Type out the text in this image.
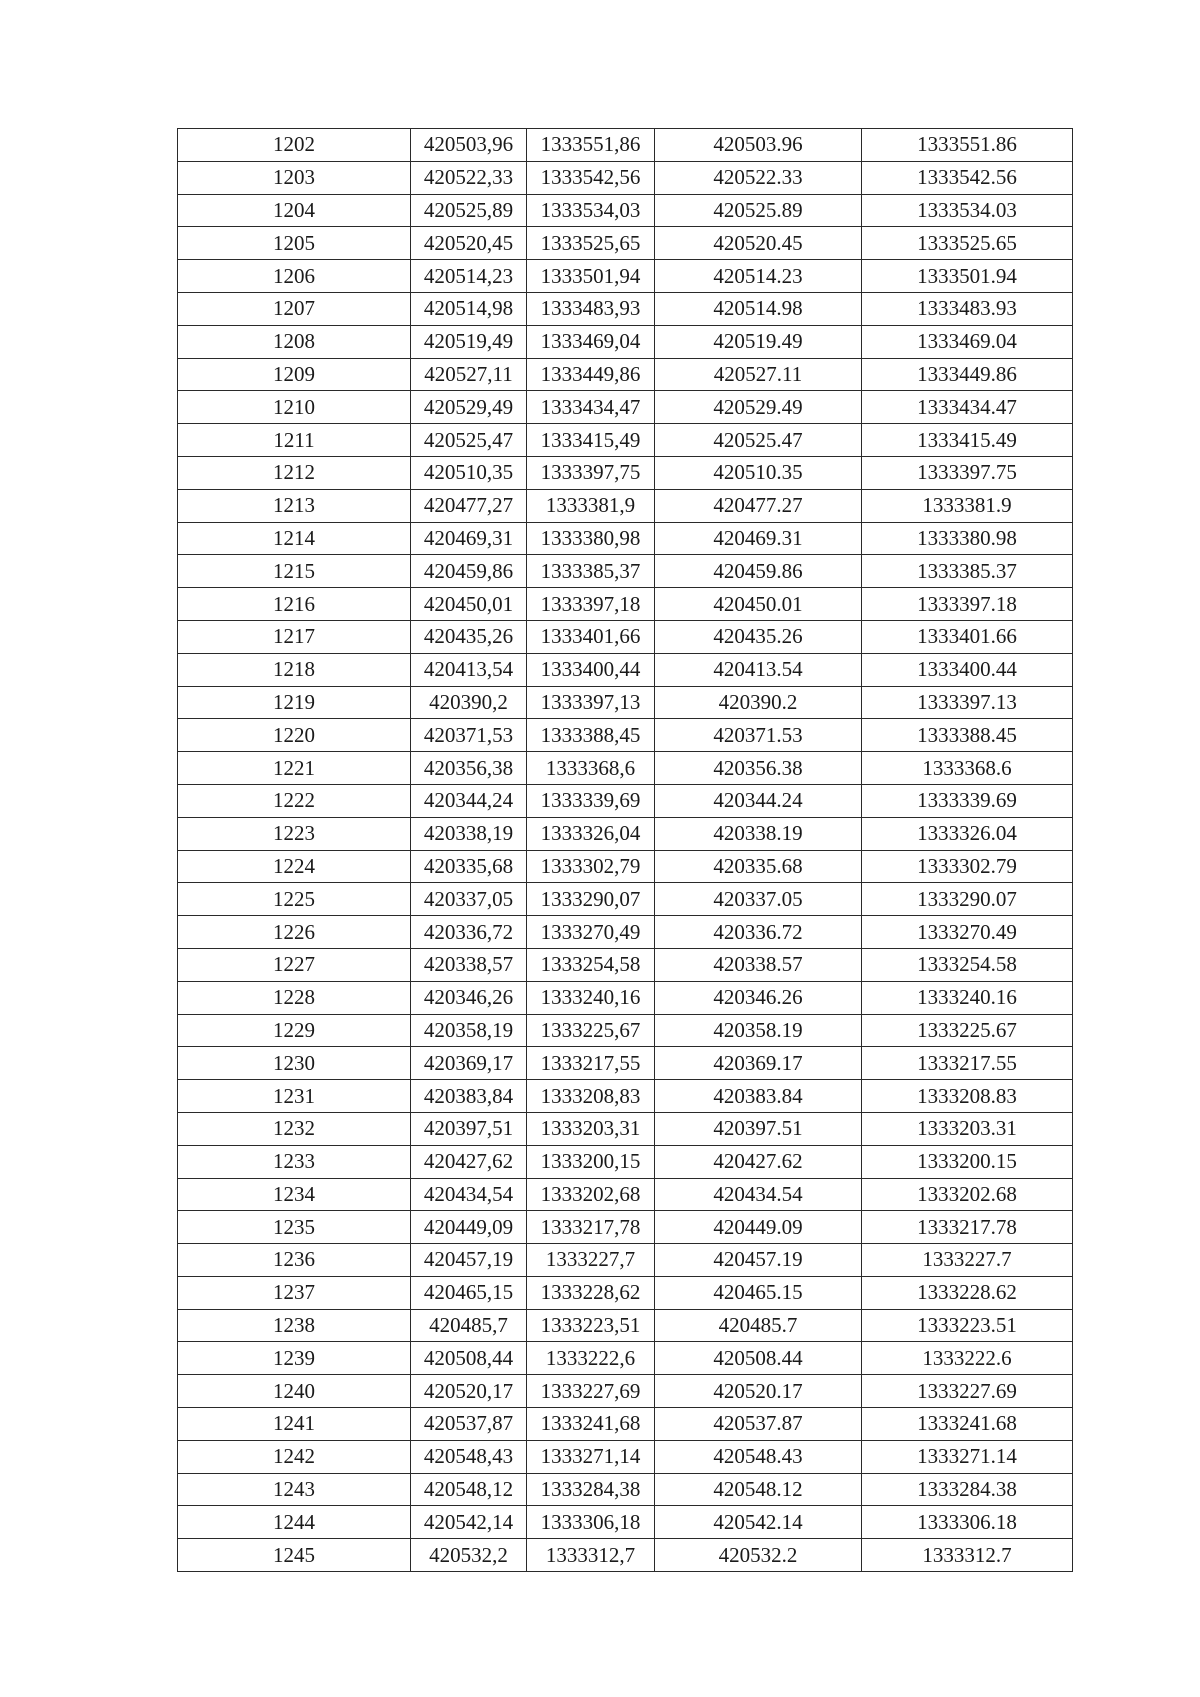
1202	420503,96	1333551,86	420503.96	1333551.86
1203	420522,33	1333542,56	420522.33	1333542.56
1204	420525,89	1333534,03	420525.89	1333534.03
1205	420520,45	1333525,65	420520.45	1333525.65
1206	420514,23	1333501,94	420514.23	1333501.94
1207	420514,98	1333483,93	420514.98	1333483.93
1208	420519,49	1333469,04	420519.49	1333469.04
1209	420527,11	1333449,86	420527.11	1333449.86
1210	420529,49	1333434,47	420529.49	1333434.47
1211	420525,47	1333415,49	420525.47	1333415.49
1212	420510,35	1333397,75	420510.35	1333397.75
1213	420477,27	1333381,9	420477.27	1333381.9
1214	420469,31	1333380,98	420469.31	1333380.98
1215	420459,86	1333385,37	420459.86	1333385.37
1216	420450,01	1333397,18	420450.01	1333397.18
1217	420435,26	1333401,66	420435.26	1333401.66
1218	420413,54	1333400,44	420413.54	1333400.44
1219	420390,2	1333397,13	420390.2	1333397.13
1220	420371,53	1333388,45	420371.53	1333388.45
1221	420356,38	1333368,6	420356.38	1333368.6
1222	420344,24	1333339,69	420344.24	1333339.69
1223	420338,19	1333326,04	420338.19	1333326.04
1224	420335,68	1333302,79	420335.68	1333302.79
1225	420337,05	1333290,07	420337.05	1333290.07
1226	420336,72	1333270,49	420336.72	1333270.49
1227	420338,57	1333254,58	420338.57	1333254.58
1228	420346,26	1333240,16	420346.26	1333240.16
1229	420358,19	1333225,67	420358.19	1333225.67
1230	420369,17	1333217,55	420369.17	1333217.55
1231	420383,84	1333208,83	420383.84	1333208.83
1232	420397,51	1333203,31	420397.51	1333203.31
1233	420427,62	1333200,15	420427.62	1333200.15
1234	420434,54	1333202,68	420434.54	1333202.68
1235	420449,09	1333217,78	420449.09	1333217.78
1236	420457,19	1333227,7	420457.19	1333227.7
1237	420465,15	1333228,62	420465.15	1333228.62
1238	420485,7	1333223,51	420485.7	1333223.51
1239	420508,44	1333222,6	420508.44	1333222.6
1240	420520,17	1333227,69	420520.17	1333227.69
1241	420537,87	1333241,68	420537.87	1333241.68
1242	420548,43	1333271,14	420548.43	1333271.14
1243	420548,12	1333284,38	420548.12	1333284.38
1244	420542,14	1333306,18	420542.14	1333306.18
1245	420532,2	1333312,7	420532.2	1333312.7
